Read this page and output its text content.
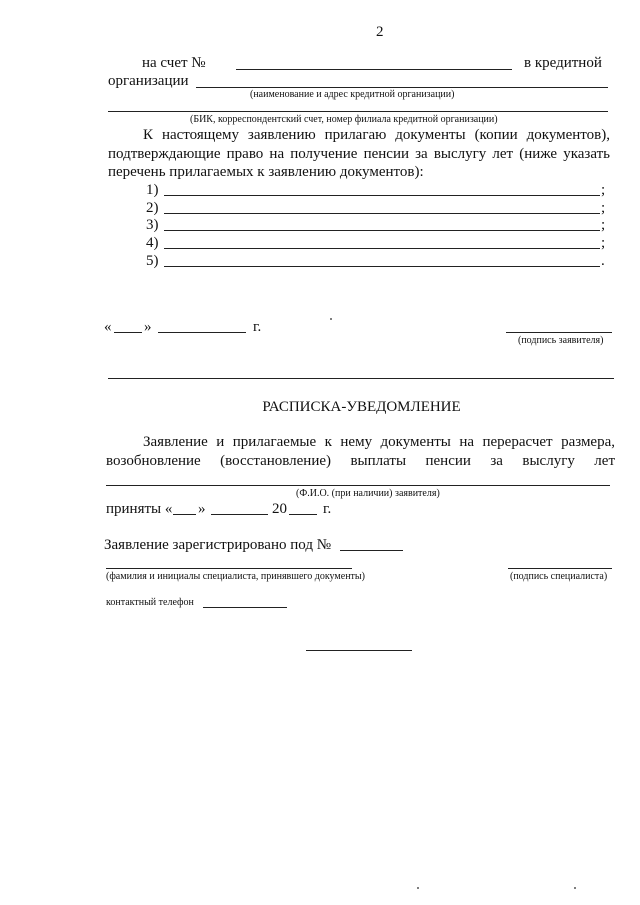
2
на счет №	в кредитной
организации
(наименование и адрес кредитной организации)
(БИК, корреспондентский счет, номер филиала кредитной организации)
К настоящему заявлению прилагаю документы (копии документов),
подтверждающие право на получение пенсии за выслугу лет (ниже указать
перечень прилагаемых к заявлению документов):
1)	;
2)	;
3)	;
4)	;
5)	.
« »	г.
(подпись заявителя)
РАСПИСКА-УВЕДОМЛЕНИЕ
Заявление и прилагаемые к нему документы на перерасчет размера,
возобновление (восстановление) выплаты пенсии за выслугу лет
(Ф.И.О. (при наличии) заявителя)
приняты « »	20 г.
Заявление зарегистрировано под №
(фамилия и инициалы специалиста, принявшего документы)	(подпись специалиста)
контактный телефон
